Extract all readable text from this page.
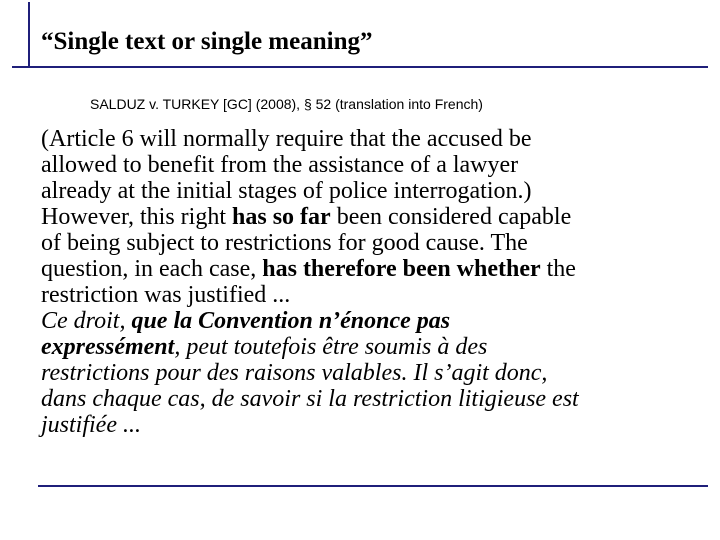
“Single text or single meaning”
SALDUZ v. TURKEY [GC] (2008), § 52 (translation into French)
(Article 6 will normally require that the accused be
allowed to benefit from the assistance of a lawyer
already at the initial stages of police interrogation.)
However, this right has so far been considered capable
of being subject to restrictions for good cause. The
question, in each case, has therefore been whether the
restriction was justified ...
Ce droit, que la Convention n’énonce pas
expressément, peut toutefois être soumis à des
restrictions pour des raisons valables. Il s’agit donc,
dans chaque cas, de savoir si la restriction litigieuse est
justifiée ...
